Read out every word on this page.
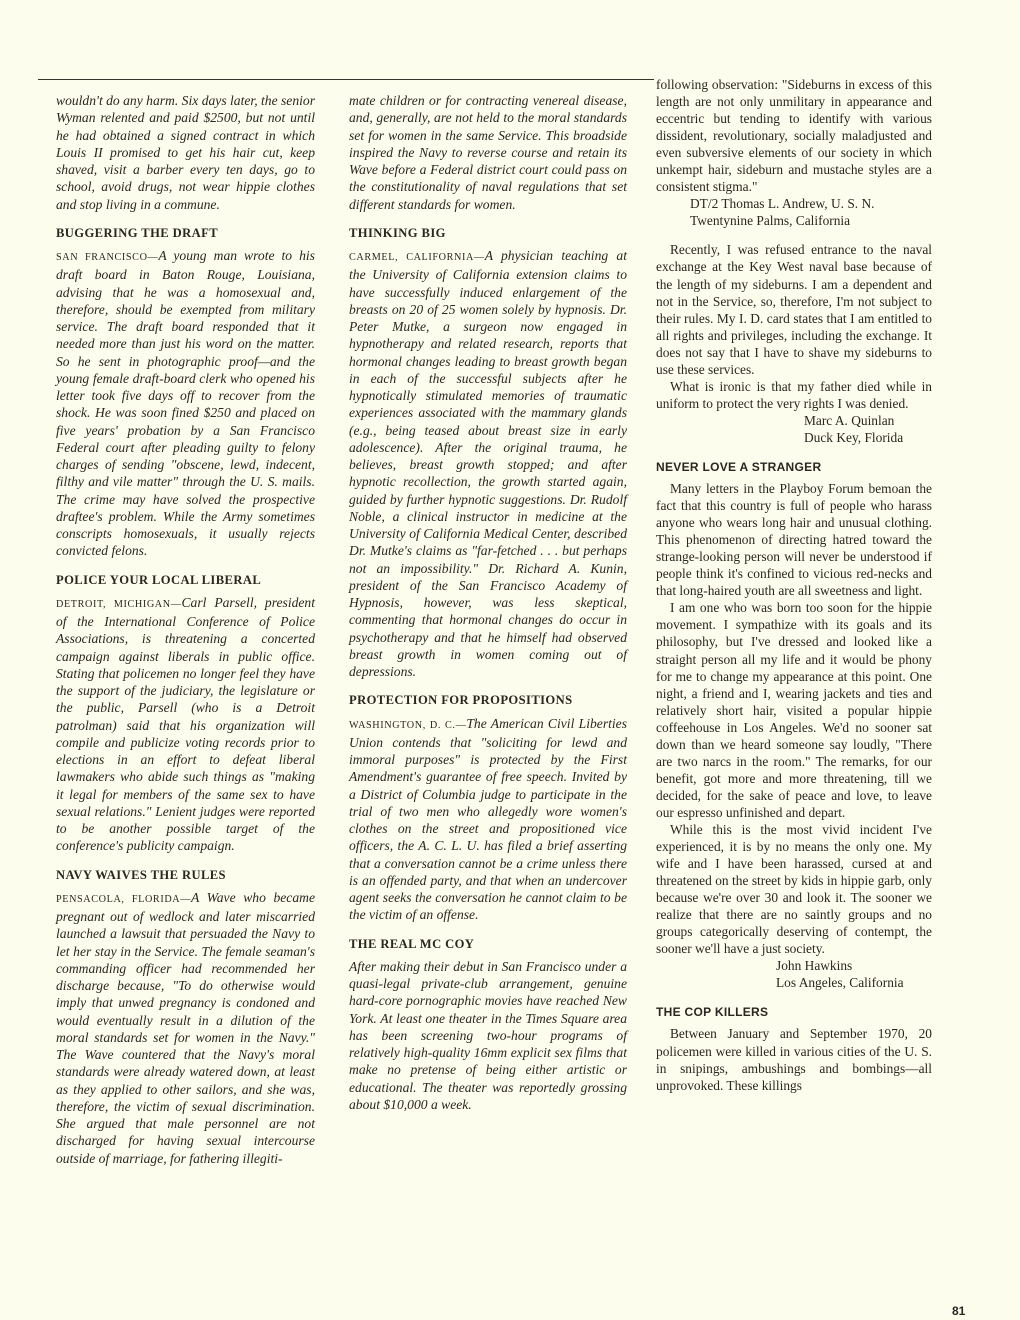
wouldn't do any harm. Six days later, the senior Wyman relented and paid $2500, but not until he had obtained a signed contract in which Louis II promised to get his hair cut, keep shaved, visit a barber every ten days, go to school, avoid drugs, not wear hippie clothes and stop living in a commune.

BUGGERING THE DRAFT

SAN FRANCISCO—A young man wrote to his draft board in Baton Rouge, Louisiana, advising that he was a homosexual and, therefore, should be exempted from military service. The draft board responded that it needed more than just his word on the matter. So he sent in photographic proof—and the young female draft-board clerk who opened his letter took five days off to recover from the shock. He was soon fined $250 and placed on five years' probation by a San Francisco Federal court after pleading guilty to felony charges of sending "obscene, lewd, indecent, filthy and vile matter" through the U. S. mails. The crime may have solved the prospective draftee's problem. While the Army sometimes conscripts homosexuals, it usually rejects convicted felons.

POLICE YOUR LOCAL LIBERAL

DETROIT, MICHIGAN—Carl Parsell, president of the International Conference of Police Associations, is threatening a concerted campaign against liberals in public office. Stating that policemen no longer feel they have the support of the judiciary, the legislature or the public, Parsell (who is a Detroit patrolman) said that his organization will compile and publicize voting records prior to elections in an effort to defeat liberal lawmakers who abide such things as "making it legal for members of the same sex to have sexual relations." Lenient judges were reported to be another possible target of the conference's publicity campaign.

NAVY WAIVES THE RULES

PENSACOLA, FLORIDA—A Wave who became pregnant out of wedlock and later miscarried launched a lawsuit that persuaded the Navy to let her stay in the Service. The female seaman's commanding officer had recommended her discharge because, "To do otherwise would imply that unwed pregnancy is condoned and would eventually result in a dilution of the moral standards set for women in the Navy." The Wave countered that the Navy's moral standards were already watered down, at least as they applied to other sailors, and she was, therefore, the victim of sexual discrimination. She argued that male personnel are not discharged for having sexual intercourse outside of marriage, for fathering illegiti-

mate children or for contracting venereal disease, and, generally, are not held to the moral standards set for women in the same Service. This broadside inspired the Navy to reverse course and retain its Wave before a Federal district court could pass on the constitutionality of naval regulations that set different standards for women.

THINKING BIG

CARMEL, CALIFORNIA—A physician teaching at the University of California extension claims to have successfully induced enlargement of the breasts on 20 of 25 women solely by hypnosis. Dr. Peter Mutke, a surgeon now engaged in hypnotherapy and related research, reports that hormonal changes leading to breast growth began in each of the successful subjects after he hypnotically stimulated memories of traumatic experiences associated with the mammary glands (e.g., being teased about breast size in early adolescence). After the original trauma, he believes, breast growth stopped; and after hypnotic recollection, the growth started again, guided by further hypnotic suggestions. Dr. Rudolf Noble, a clinical instructor in medicine at the University of California Medical Center, described Dr. Mutke's claims as "far-fetched . . . but perhaps not an impossibility." Dr. Richard A. Kunin, president of the San Francisco Academy of Hypnosis, however, was less skeptical, commenting that hormonal changes do occur in psychotherapy and that he himself had observed breast growth in women coming out of depressions.

PROTECTION FOR PROPOSITIONS

WASHINGTON, D. C.—The American Civil Liberties Union contends that "soliciting for lewd and immoral purposes" is protected by the First Amendment's guarantee of free speech. Invited by a District of Columbia judge to participate in the trial of two men who allegedly wore women's clothes on the street and propositioned vice officers, the A. C. L. U. has filed a brief asserting that a conversation cannot be a crime unless there is an offended party, and that when an undercover agent seeks the conversation he cannot claim to be the victim of an offense.

THE REAL MC COY

After making their debut in San Francisco under a quasi-legal private-club arrangement, genuine hard-core pornographic movies have reached New York. At least one theater in the Times Square area has been screening two-hour programs of relatively high-quality 16mm explicit sex films that make no pretense of being either artistic or educational. The theater was reportedly grossing about $10,000 a week.

following observation: "Sideburns in excess of this length are not only unmilitary in appearance and eccentric but tending to identify with various dissident, revolutionary, socially maladjusted and even subversive elements of our society in which unkempt hair, sideburn and mustache styles are a consistent stigma."

DT/2 Thomas L. Andrew, U. S. N.
Twentynine Palms, California

Recently, I was refused entrance to the naval exchange at the Key West naval base because of the length of my sideburns. I am a dependent and not in the Service, so, therefore, I'm not subject to their rules. My I. D. card states that I am entitled to all rights and privileges, including the exchange. It does not say that I have to shave my sideburns to use these services.

What is ironic is that my father died while in uniform to protect the very rights I was denied.

Marc A. Quinlan
Duck Key, Florida
NEVER LOVE A STRANGER

Many letters in the Playboy Forum bemoan the fact that this country is full of people who harass anyone who wears long hair and unusual clothing. This phenomenon of directing hatred toward the strange-looking person will never be understood if people think it's confined to vicious red-necks and that long-haired youth are all sweetness and light.

I am one who was born too soon for the hippie movement. I sympathize with its goals and its philosophy, but I've dressed and looked like a straight person all my life and it would be phony for me to change my appearance at this point. One night, a friend and I, wearing jackets and ties and relatively short hair, visited a popular hippie coffeehouse in Los Angeles. We'd no sooner sat down than we heard someone say loudly, "There are two narcs in the room." The remarks, for our benefit, got more and more threatening, till we decided, for the sake of peace and love, to leave our espresso unfinished and depart.

While this is the most vivid incident I've experienced, it is by no means the only one. My wife and I have been harassed, cursed at and threatened on the street by kids in hippie garb, only because we're over 30 and look it. The sooner we realize that there are no saintly groups and no groups categorically deserving of contempt, the sooner we'll have a just society.

John Hawkins
Los Angeles, California
THE COP KILLERS

Between January and September 1970, 20 policemen were killed in various cities of the U. S. in snipings, ambushings and bombings—all unprovoked. These killings

81
